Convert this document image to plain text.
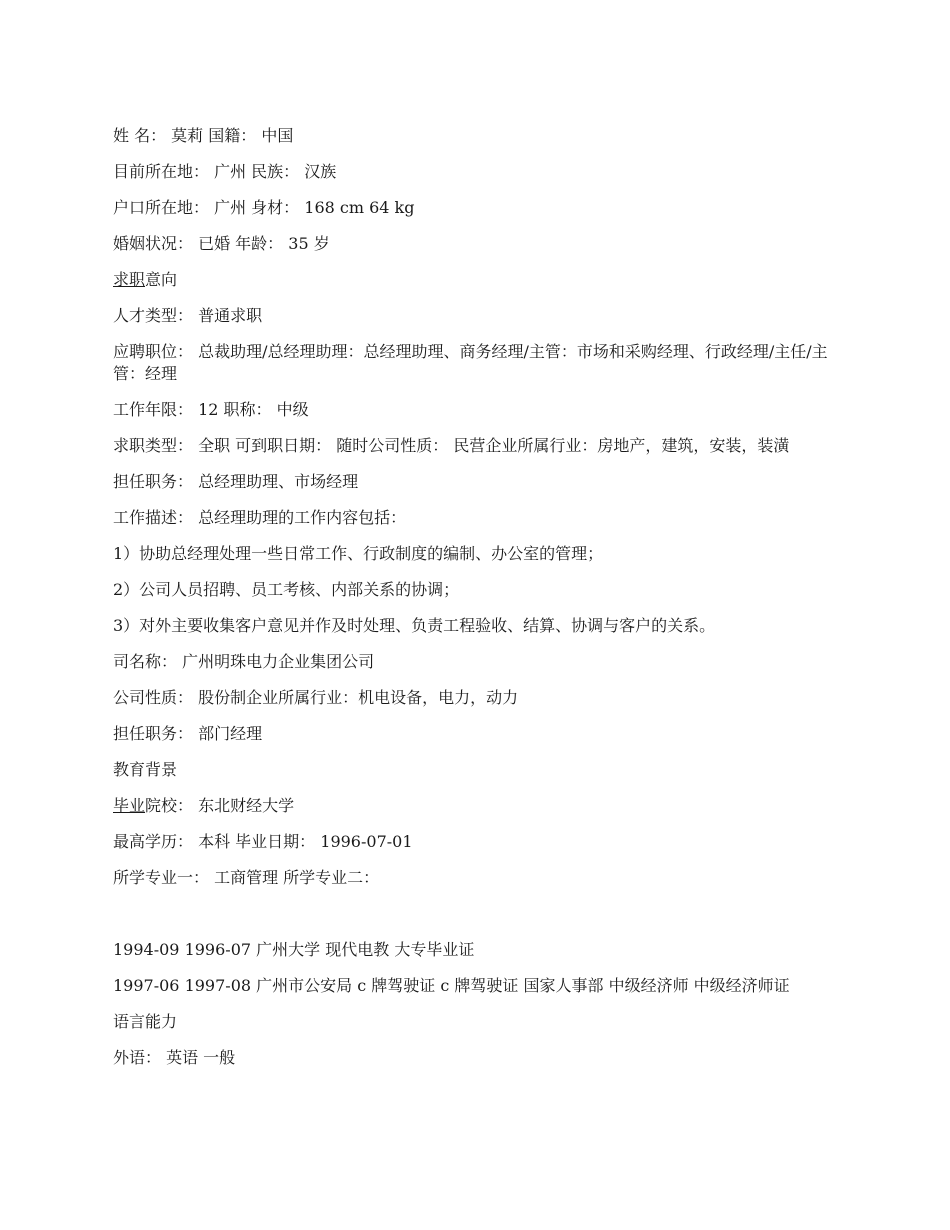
姓 名： 莫莉 国籍： 中国

目前所在地： 广州 民族： 汉族

户口所在地： 广州 身材： 168 cm 64 kg

婚姻状况： 已婚 年龄： 35 岁

求职意向

人才类型： 普通求职

应聘职位： 总裁助理/总经理助理：总经理助理、商务经理/主管：市场和采购经理、行政经理/主任/主管：经理

工作年限： 12 职称： 中级

求职类型： 全职 可到职日期： 随时公司性质： 民营企业所属行业：房地产，建筑，安装，装潢

担任职务： 总经理助理、市场经理

工作描述： 总经理助理的工作内容包括：

1）协助总经理处理一些日常工作、行政制度的编制、办公室的管理；

2）公司人员招聘、员工考核、内部关系的协调；

3）对外主要收集客户意见并作及时处理、负责工程验收、结算、协调与客户的关系。

司名称： 广州明珠电力企业集团公司

公司性质： 股份制企业所属行业：机电设备，电力，动力

担任职务： 部门经理

教育背景

毕业院校： 东北财经大学

最高学历： 本科 毕业日期： 1996-07-01

所学专业一： 工商管理 所学专业二：

1994-09 1996-07 广州大学 现代电教 大专毕业证

1997-06 1997-08 广州市公安局 c 牌驾驶证 c 牌驾驶证 国家人事部 中级经济师 中级经济师证

语言能力

外语： 英语 一般
